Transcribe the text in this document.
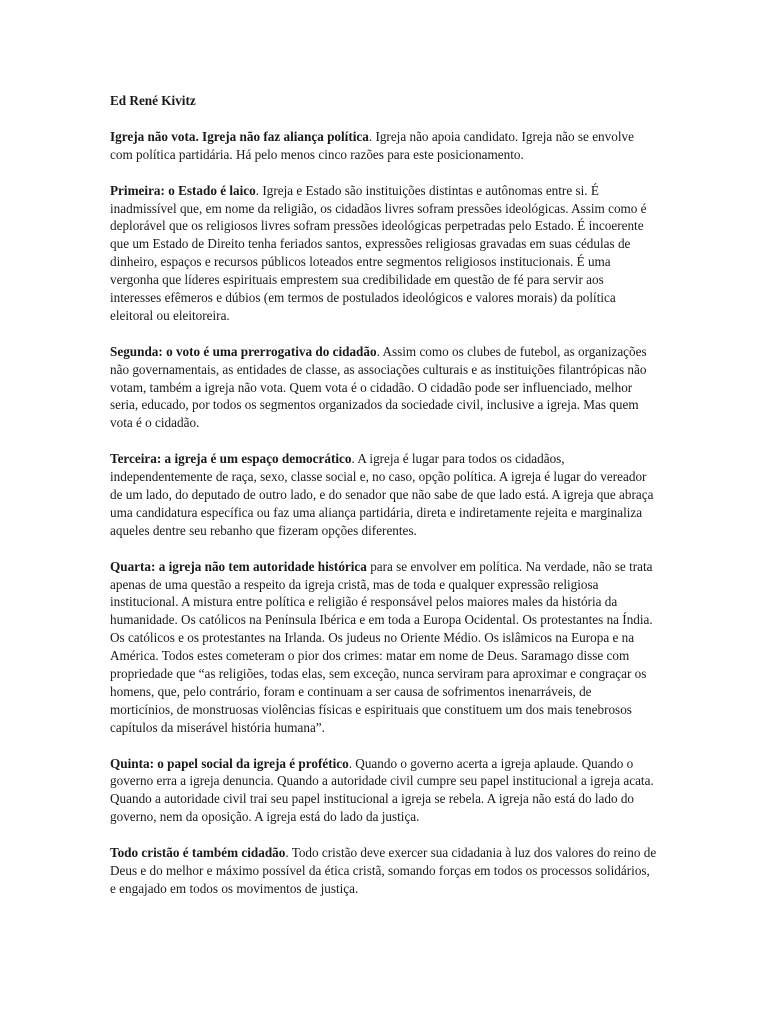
Ed René Kivitz

Igreja não vota. Igreja não faz aliança política. Igreja não apoia candidato. Igreja não se envolve com política partidária. Há pelo menos cinco razões para este posicionamento.

Primeira: o Estado é laico. Igreja e Estado são instituições distintas e autônomas entre si. É inadmissível que, em nome da religião, os cidadãos livres sofram pressões ideológicas. Assim como é deplorável que os religiosos livres sofram pressões ideológicas perpetradas pelo Estado. É incoerente que um Estado de Direito tenha feriados santos, expressões religiosas gravadas em suas cédulas de dinheiro, espaços e recursos públicos loteados entre segmentos religiosos institucionais. É uma vergonha que líderes espirituais emprestem sua credibilidade em questão de fé para servir aos interesses efêmeros e dúbios (em termos de postulados ideológicos e valores morais) da política eleitoral ou eleitoreira.

Segunda: o voto é uma prerrogativa do cidadão. Assim como os clubes de futebol, as organizações não governamentais, as entidades de classe, as associações culturais e as instituições filantrópicas não votam, também a igreja não vota. Quem vota é o cidadão. O cidadão pode ser influenciado, melhor seria, educado, por todos os segmentos organizados da sociedade civil, inclusive a igreja. Mas quem vota é o cidadão.

Terceira: a igreja é um espaço democrático. A igreja é lugar para todos os cidadãos, independentemente de raça, sexo, classe social e, no caso, opção política. A igreja é lugar do vereador de um lado, do deputado de outro lado, e do senador que não sabe de que lado está. A igreja que abraça uma candidatura específica ou faz uma aliança partidária, direta e indiretamente rejeita e marginaliza aqueles dentre seu rebanho que fizeram opções diferentes.

Quarta: a igreja não tem autoridade histórica para se envolver em política. Na verdade, não se trata apenas de uma questão a respeito da igreja cristã, mas de toda e qualquer expressão religiosa institucional. A mistura entre política e religião é responsável pelos maiores males da história da humanidade. Os católicos na Península Ibérica e em toda a Europa Ocidental. Os protestantes na Índia. Os católicos e os protestantes na Irlanda. Os judeus no Oriente Médio. Os islâmicos na Europa e na América. Todos estes cometeram o pior dos crimes: matar em nome de Deus. Saramago disse com propriedade que “as religiões, todas elas, sem exceção, nunca serviram para aproximar e congraçar os homens, que, pelo contrário, foram e continuam a ser causa de sofrimentos inenarráveis, de morticínios, de monstruosas violências físicas e espirituais que constituem um dos mais tenebrosos capítulos da miserável história humana”.

Quinta: o papel social da igreja é profético. Quando o governo acerta a igreja aplaude. Quando o governo erra a igreja denuncia. Quando a autoridade civil cumpre seu papel institucional a igreja acata. Quando a autoridade civil trai seu papel institucional a igreja se rebela. A igreja não está do lado do governo, nem da oposição. A igreja está do lado da justiça.

Todo cristão é também cidadão. Todo cristão deve exercer sua cidadania à luz dos valores do reino de Deus e do melhor e máximo possível da ética cristã, somando forças em todos os processos solidários, e engajado em todos os movimentos de justiça.
